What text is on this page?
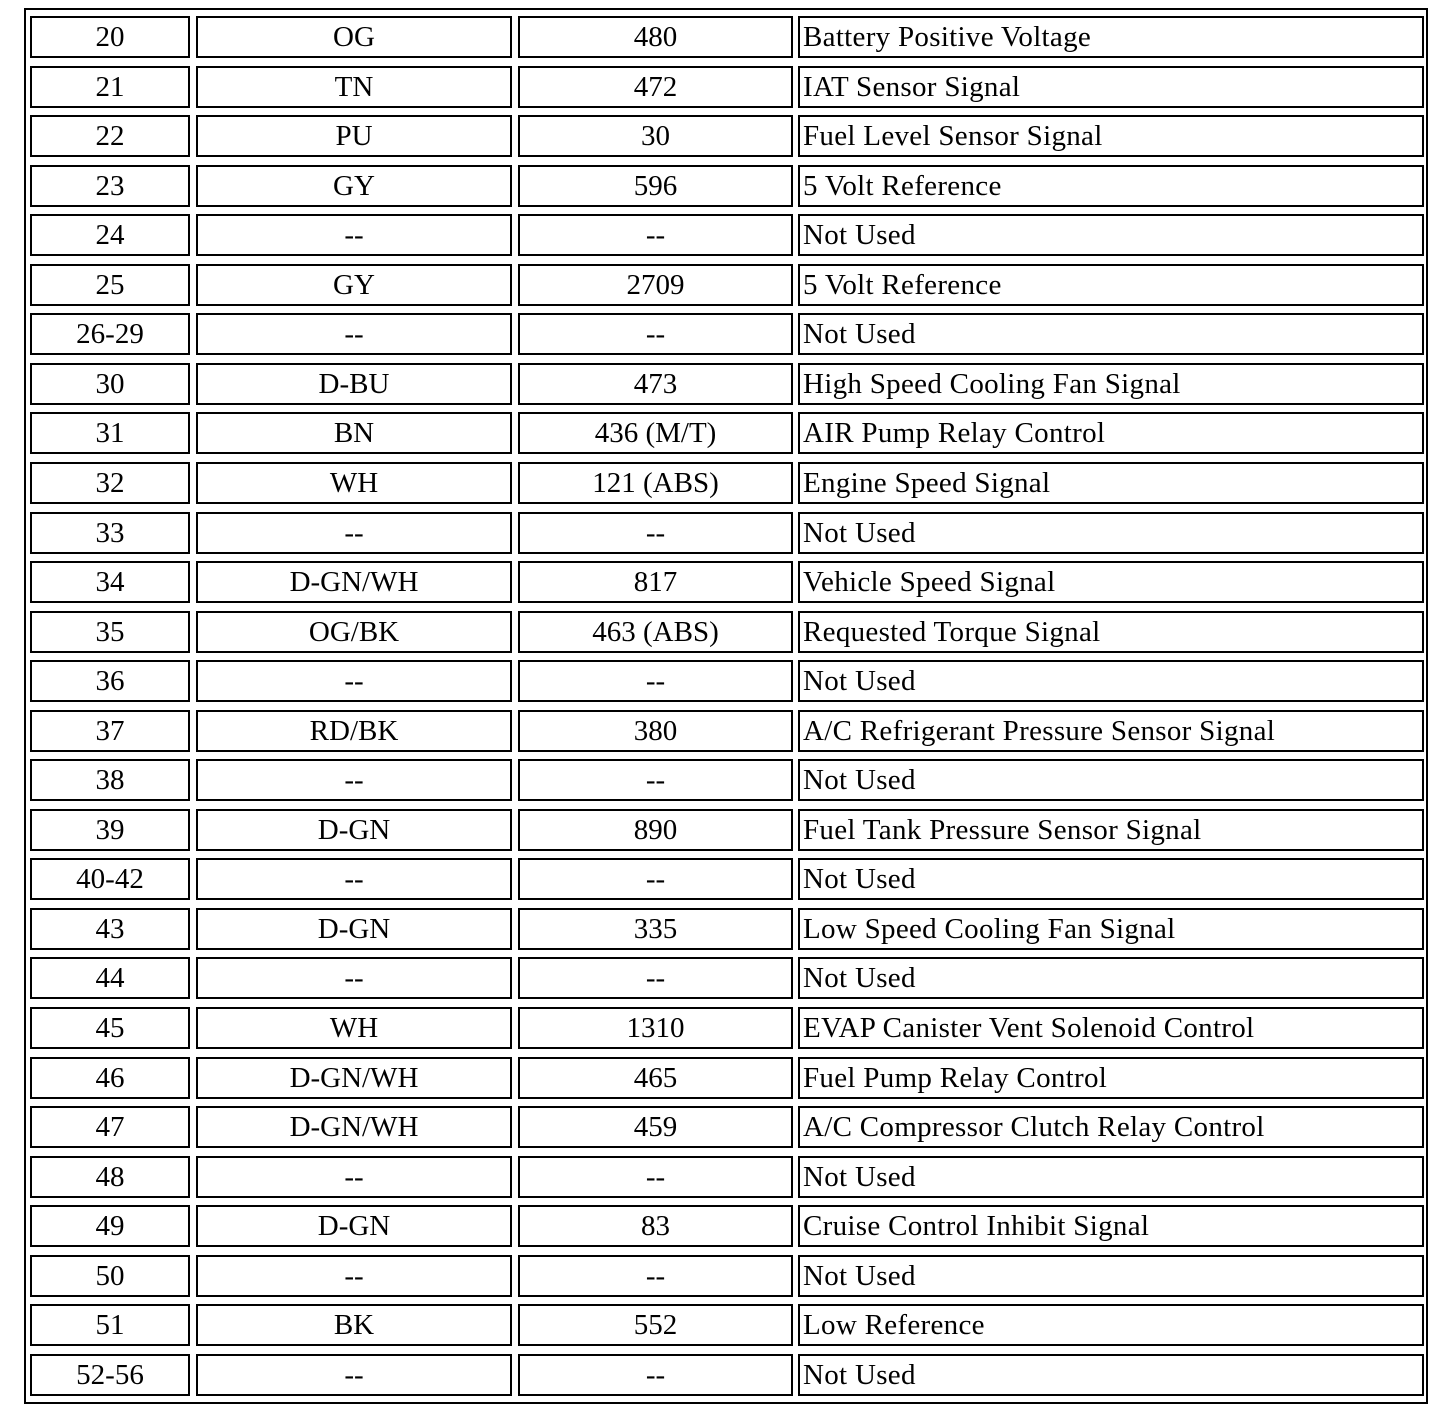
20	OG	480	Battery Positive Voltage
21	TN	472	IAT Sensor Signal
22	PU	30	Fuel Level Sensor Signal
23	GY	596	5 Volt Reference
24	--	--	Not Used
25	GY	2709	5 Volt Reference
26-29	--	--	Not Used
30	D-BU	473	High Speed Cooling Fan Signal
31	BN	436 (M/T)	AIR Pump Relay Control
32	WH	121 (ABS)	Engine Speed Signal
33	--	--	Not Used
34	D-GN/WH	817	Vehicle Speed Signal
35	OG/BK	463 (ABS)	Requested Torque Signal
36	--	--	Not Used
37	RD/BK	380	A/C Refrigerant Pressure Sensor Signal
38	--	--	Not Used
39	D-GN	890	Fuel Tank Pressure Sensor Signal
40-42	--	--	Not Used
43	D-GN	335	Low Speed Cooling Fan Signal
44	--	--	Not Used
45	WH	1310	EVAP Canister Vent Solenoid Control
46	D-GN/WH	465	Fuel Pump Relay Control
47	D-GN/WH	459	A/C Compressor Clutch Relay Control
48	--	--	Not Used
49	D-GN	83	Cruise Control Inhibit Signal
50	--	--	Not Used
51	BK	552	Low Reference
52-56	--	--	Not Used
